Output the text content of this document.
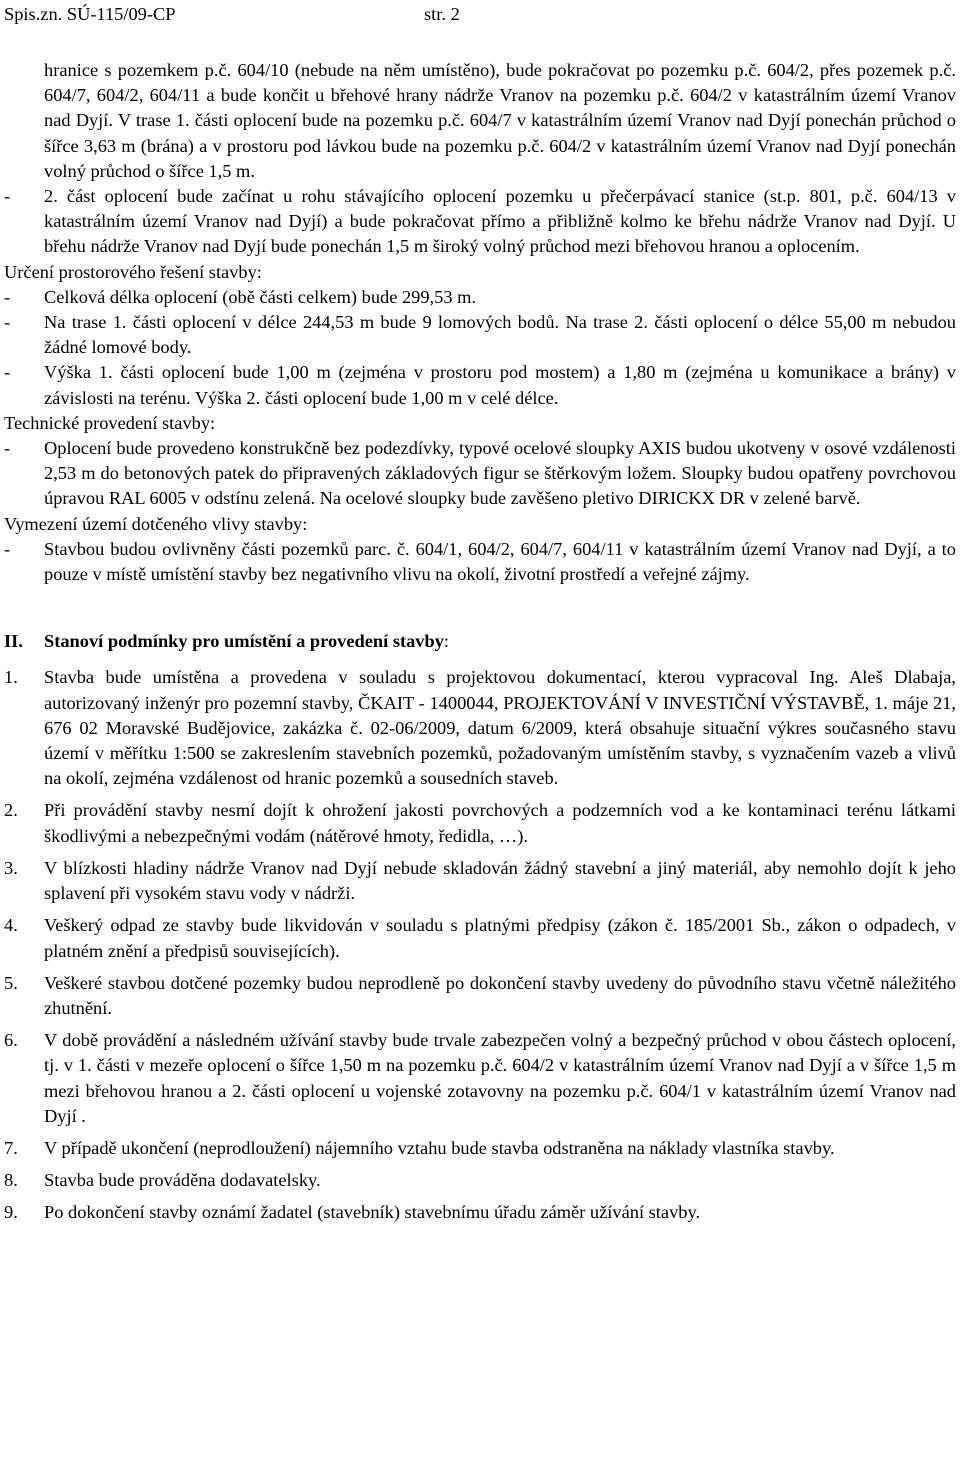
Spis.zn. SÚ-115/09-CP	str. 2
hranice s pozemkem p.č. 604/10 (nebude na něm umístěno), bude pokračovat po pozemku p.č. 604/2, přes pozemek p.č. 604/7, 604/2, 604/11 a bude končit u břehové hrany nádrže Vranov na pozemku p.č. 604/2 v katastrálním území Vranov nad Dyjí. V trase 1. části oplocení bude na pozemku p.č. 604/7 v katastrálním území Vranov nad Dyjí ponechán průchod o šířce 3,63 m (brána) a v prostoru pod lávkou bude na pozemku p.č. 604/2 v katastrálním území Vranov nad Dyjí ponechán volný průchod o šířce 1,5 m.
-	2. část oplocení bude začínat u rohu stávajícího oplocení pozemku u přečerpávací stanice (st.p. 801, p.č. 604/13 v katastrálním území Vranov nad Dyjí) a bude pokračovat přímo a přibližně kolmo ke břehu nádrže Vranov nad Dyjí. U břehu nádrže Vranov nad Dyjí bude ponechán 1,5 m široký volný průchod mezi břehovou hranou a oplocením.
Určení prostorového řešení stavby:
-	Celková délka oplocení (obě části celkem) bude 299,53 m.
-	Na trase 1. části oplocení v délce 244,53 m bude 9 lomových bodů. Na trase 2. části oplocení o délce 55,00 m nebudou žádné lomové body.
-	Výška 1. části oplocení bude 1,00 m (zejména v prostoru pod mostem) a 1,80 m (zejména u komunikace a brány) v závislosti na terénu. Výška 2. části oplocení bude 1,00 m v celé délce.
Technické provedení stavby:
-	Oplocení bude provedeno konstrukčně bez podezdívky, typové ocelové sloupky AXIS budou ukotveny v osové vzdálenosti 2,53 m do betonových patek do připravených základových figur se štěrkovým ložem. Sloupky budou opatřeny povrchovou úpravou RAL 6005 v odstínu zelená. Na ocelové sloupky bude zavěšeno pletivo DIRICKX DR v zelené barvě.
Vymezení území dotčeného vlivy stavby:
-	Stavbou budou ovlivněny části pozemků parc. č. 604/1, 604/2, 604/7, 604/11 v katastrálním území Vranov nad Dyjí, a to pouze v místě umístění stavby bez negativního vlivu na okolí, životní prostředí a veřejné zájmy.
II.	Stanoví podmínky pro umístění a provedení stavby:
1.	Stavba bude umístěna a provedena v souladu s projektovou dokumentací, kterou vypracoval Ing. Aleš Dlabaja, autorizovaný inženýr pro pozemní stavby, ČKAIT - 1400044, PROJEKTOVÁNÍ V INVESTIČNÍ VÝSTAVBĚ, 1. máje 21, 676 02 Moravské Budějovice, zakázka č. 02-06/2009, datum 6/2009, která obsahuje situační výkres současného stavu území v měřítku 1:500 se zakreslením stavebních pozemků, požadovaným umístěním stavby, s vyznačením vazeb a vlivů na okolí, zejména vzdálenost od hranic pozemků a sousedních staveb.
2.	Při provádění stavby nesmí dojít k ohrožení jakosti povrchových a podzemních vod a ke kontaminaci terénu látkami škodlivými a nebezpečnými vodám (nátěrové hmoty, ředidla, …).
3.	V blízkosti hladiny nádrže Vranov nad Dyjí nebude skladován žádný stavební a jiný materiál, aby nemohlo dojít k jeho splavení při vysokém stavu vody v nádrži.
4.	Veškerý odpad ze stavby bude likvidován v souladu s platnými předpisy (zákon č. 185/2001 Sb., zákon o odpadech, v platném znění a předpisů souvisejících).
5.	Veškeré stavbou dotčené pozemky budou neprodleně po dokončení stavby uvedeny do původního stavu včetně náležitého zhutnění.
6.	V době provádění a následném užívání stavby bude trvale zabezpečen volný a bezpečný průchod v obou částech oplocení, tj. v 1. části v mezeře oplocení o šířce 1,50 m na pozemku p.č. 604/2 v katastrálním území Vranov nad Dyjí a v šířce 1,5 m mezi břehovou hranou a 2. části oplocení u vojenské zotavovny na pozemku p.č. 604/1 v katastrálním území Vranov nad Dyjí .
7.	V případě ukončení (neprodloužení) nájemního vztahu bude stavba odstraněna na náklady vlastníka stavby.
8.	Stavba bude prováděna dodavatelsky.
9.	Po dokončení stavby oznámí žadatel (stavebník) stavebnímu úřadu záměr užívání stavby.
